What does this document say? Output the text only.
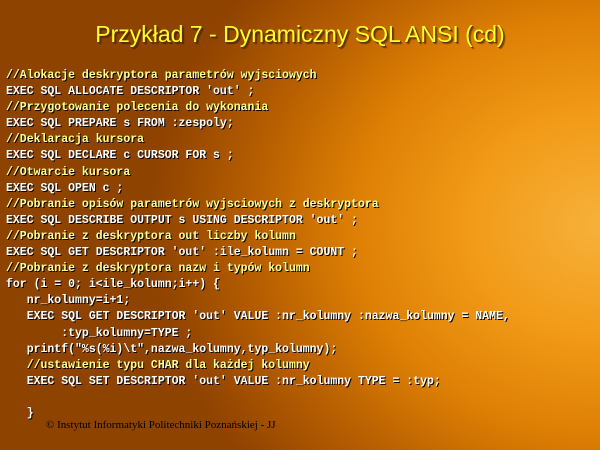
Przykład 7 - Dynamiczny SQL ANSI (cd)
//Alokacje deskryptora parametrów wyjsciowych
EXEC SQL ALLOCATE DESCRIPTOR 'out' ;
//Przygotowanie polecenia do wykonania
EXEC SQL PREPARE s FROM :zespoly;
//Deklaracja kursora
EXEC SQL DECLARE c CURSOR FOR s ;
//Otwarcie kursora
EXEC SQL OPEN c ;
//Pobranie opisów parametrów wyjsciowych z deskryptora
EXEC SQL DESCRIBE OUTPUT s USING DESCRIPTOR 'out' ;
//Pobranie z deskryptora out liczby kolumn
EXEC SQL GET DESCRIPTOR 'out' :ile_kolumn = COUNT ;
//Pobranie z deskryptora nazw i typów kolumn
for (i = 0; i<ile_kolumn;i++) {
nr_kolumny=i+1;
EXEC SQL GET DESCRIPTOR 'out' VALUE :nr_kolumny :nazwa_kolumny = NAME,
:typ_kolumny=TYPE ;
printf("%s(%i)\t",nazwa_kolumny,typ_kolumny);
//ustawienie typu CHAR dla każdej kolumny
EXEC SQL SET DESCRIPTOR 'out' VALUE :nr_kolumny TYPE = :typ;
}
© Instytut Informatyki Politechniki Poznańskiej - JJ
